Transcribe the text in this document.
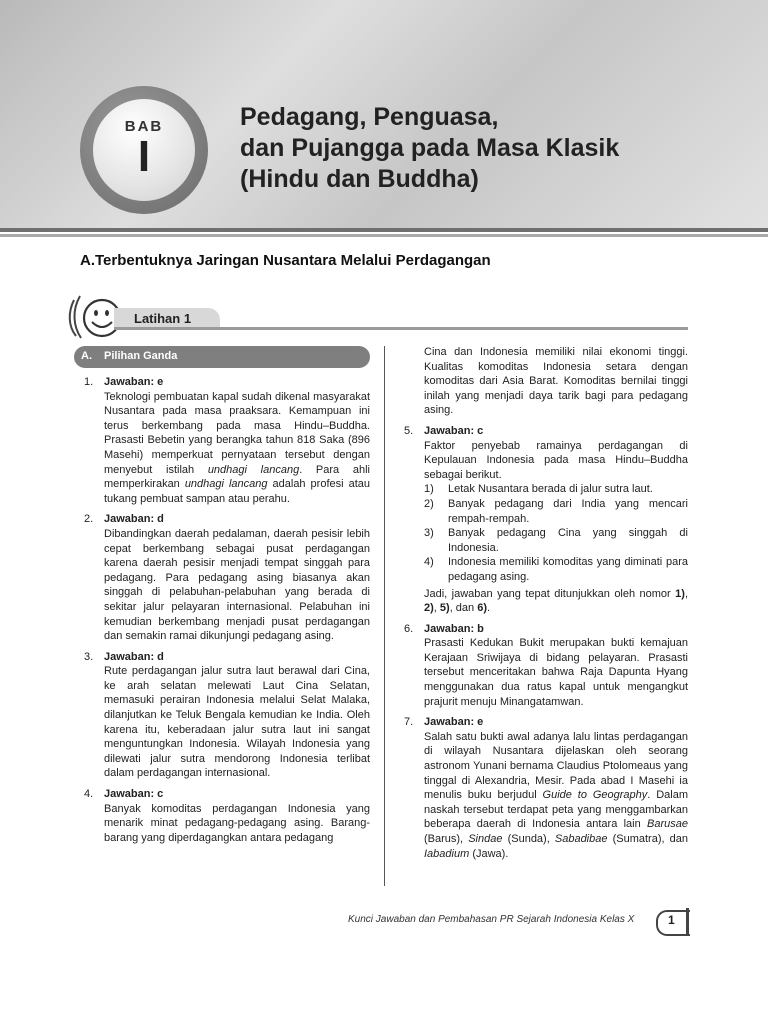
BAB
I
Pedagang, Penguasa,
dan Pujangga pada Masa Klasik
(Hindu dan Buddha)
A.Terbentuknya Jaringan Nusantara Melalui Perdagangan
Latihan 1
A. Pilihan Ganda
1. Jawaban: e
Teknologi pembuatan kapal sudah dikenal masyarakat Nusantara pada masa praaksara. Kemampuan ini terus berkembang pada masa Hindu–Buddha. Prasasti Bebetin yang berangka tahun 818 Saka (896 Masehi) memperkuat pernyataan tersebut dengan menyebut istilah undhagi lancang. Para ahli memperkirakan undhagi lancang adalah profesi atau tukang pembuat sampan atau perahu.
2. Jawaban: d
Dibandingkan daerah pedalaman, daerah pesisir lebih cepat berkembang sebagai pusat perdagangan karena daerah pesisir menjadi tempat singgah para pedagang. Para pedagang asing biasanya akan singgah di pelabuhan-pelabuhan yang berada di sekitar jalur pelayaran internasional. Pelabuhan ini kemudian berkembang menjadi pusat perdagangan dan semakin ramai dikunjungi pedagang asing.
3. Jawaban: d
Rute perdagangan jalur sutra laut berawal dari Cina, ke arah selatan melewati Laut Cina Selatan, memasuki perairan Indonesia melalui Selat Malaka, dilanjutkan ke Teluk Bengala kemudian ke India. Oleh karena itu, keberadaan jalur sutra laut ini sangat menguntungkan Indonesia. Wilayah Indonesia yang dilewati jalur sutra mendorong Indonesia terlibat dalam perdagangan internasional.
4. Jawaban: c
Banyak komoditas perdagangan Indonesia yang menarik minat pedagang-pedagang asing. Barang-barang yang diperdagangkan antara pedagang
Cina dan Indonesia memiliki nilai ekonomi tinggi. Kualitas komoditas Indonesia setara dengan komoditas dari Asia Barat. Komoditas bernilai tinggi inilah yang menjadi daya tarik bagi para pedagang asing.
5. Jawaban: c
Faktor penyebab ramainya perdagangan di Kepulauan Indonesia pada masa Hindu–Buddha sebagai berikut.
1)	Letak Nusantara berada di jalur sutra laut.
2)	Banyak pedagang dari India yang mencari rempah-rempah.
3)	Banyak pedagang Cina yang singgah di Indonesia.
4)	Indonesia memiliki komoditas yang diminati para pedagang asing.
Jadi, jawaban yang tepat ditunjukkan oleh nomor 1), 2), 5), dan 6).
6. Jawaban: b
Prasasti Kedukan Bukit merupakan bukti kemajuan Kerajaan Sriwijaya di bidang pelayaran. Prasasti tersebut menceritakan bahwa Raja Dapunta Hyang menggunakan dua ratus kapal untuk mengangkut prajurit menuju Minangatamwan.
7. Jawaban: e
Salah satu bukti awal adanya lalu lintas perdagangan di wilayah Nusantara dijelaskan oleh seorang astronom Yunani bernama Claudius Ptolomeaus yang tinggal di Alexandria, Mesir. Pada abad I Masehi ia menulis buku berjudul Guide to Geography. Dalam naskah tersebut terdapat peta yang menggambarkan beberapa daerah di Indonesia antara lain Barusae (Barus), Sindae (Sunda), Sabadibae (Sumatra), dan Iabadium (Jawa).
Kunci Jawaban dan Pembahasan PR Sejarah Indonesia Kelas X	1
